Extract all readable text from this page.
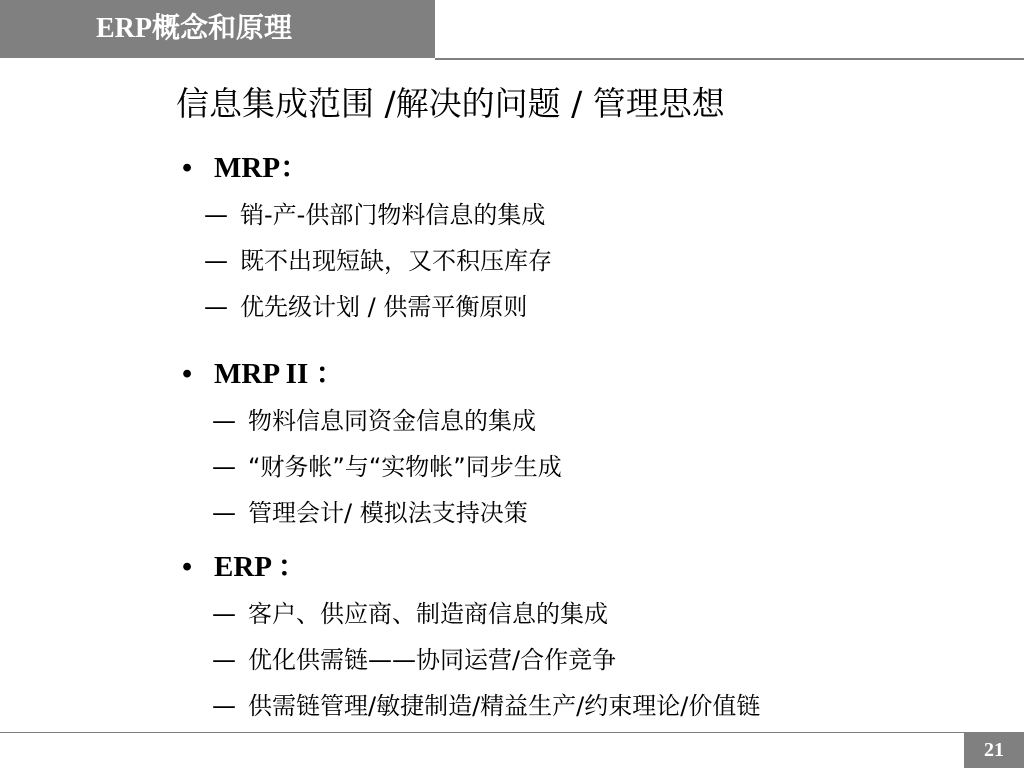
ERP概念和原理
信息集成范围 /解决的问题 / 管理思想
• MRP：
— 销-产-供部门物料信息的集成
— 既不出现短缺，又不积压库存
— 优先级计划 / 供需平衡原则
• MRP II ：
— 物料信息同资金信息的集成
— “财务帐”与“实物帐”同步生成
— 管理会计/ 模拟法支持决策
• ERP ：
— 客户、供应商、制造商信息的集成
— 优化供需链——协同运营/合作竞争
— 供需链管理/敏捷制造/精益生产/约束理论/价值链
21
